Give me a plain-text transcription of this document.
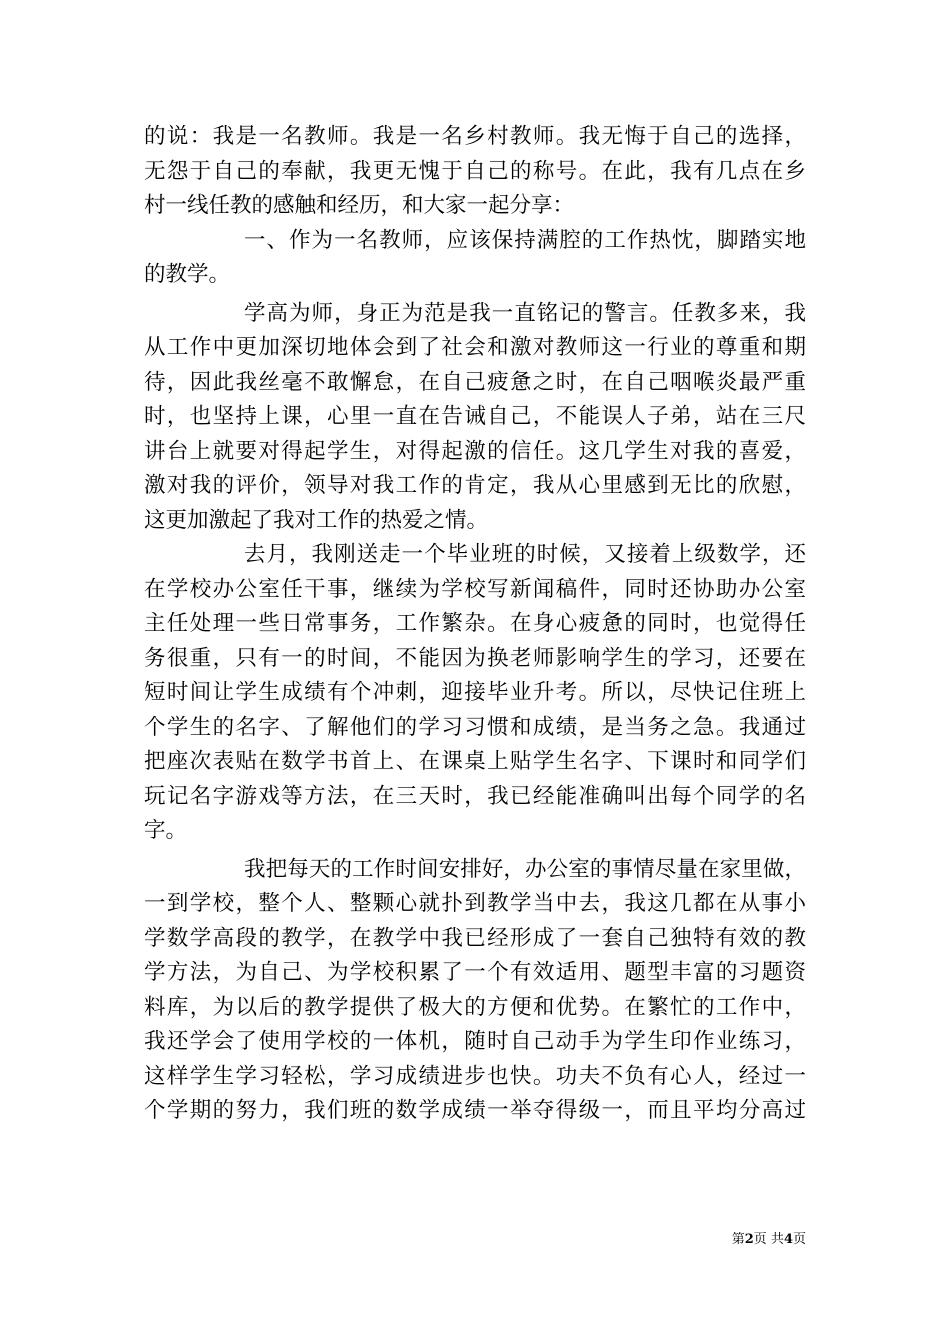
的说：我是一名教师。我是一名乡村教师。我无悔于自己的选择，
无怨于自己的奉献，我更无愧于自己的称号。在此，我有几点在乡
村一线任教的感触和经历，和大家一起分享：
一、作为一名教师，应该保持满腔的工作热忱，脚踏实地
的教学。
学高为师，身正为范是我一直铭记的警言。任教多来，我
从工作中更加深切地体会到了社会和激对教师这一行业的尊重和期
待，因此我丝毫不敢懈怠，在自己疲惫之时，在自己咽喉炎最严重
时，也坚持上课，心里一直在告诫自己，不能误人子弟，站在三尺
讲台上就要对得起学生，对得起激的信任。这几学生对我的喜爱，
激对我的评价，领导对我工作的肯定，我从心里感到无比的欣慰，
这更加激起了我对工作的热爱之情。
去月，我刚送走一个毕业班的时候，又接着上级数学，还
在学校办公室任干事，继续为学校写新闻稿件，同时还协助办公室
主任处理一些日常事务，工作繁杂。在身心疲惫的同时，也觉得任
务很重，只有一的时间，不能因为换老师影响学生的学习，还要在
短时间让学生成绩有个冲刺，迎接毕业升考。所以，尽快记住班上
个学生的名字、了解他们的学习习惯和成绩，是当务之急。我通过
把座次表贴在数学书首上、在课桌上贴学生名字、下课时和同学们
玩记名字游戏等方法，在三天时，我已经能准确叫出每个同学的名
字。
我把每天的工作时间安排好，办公室的事情尽量在家里做，
一到学校，整个人、整颗心就扑到教学当中去，我这几都在从事小
学数学高段的教学，在教学中我已经形成了一套自己独特有效的教
学方法，为自己、为学校积累了一个有效适用、题型丰富的习题资
料库，为以后的教学提供了极大的方便和优势。在繁忙的工作中，
我还学会了使用学校的一体机，随时自己动手为学生印作业练习，
这样学生学习轻松，学习成绩进步也快。功夫不负有心人，经过一
个学期的努力，我们班的数学成绩一举夺得级一，而且平均分高过
第2页 共4页
